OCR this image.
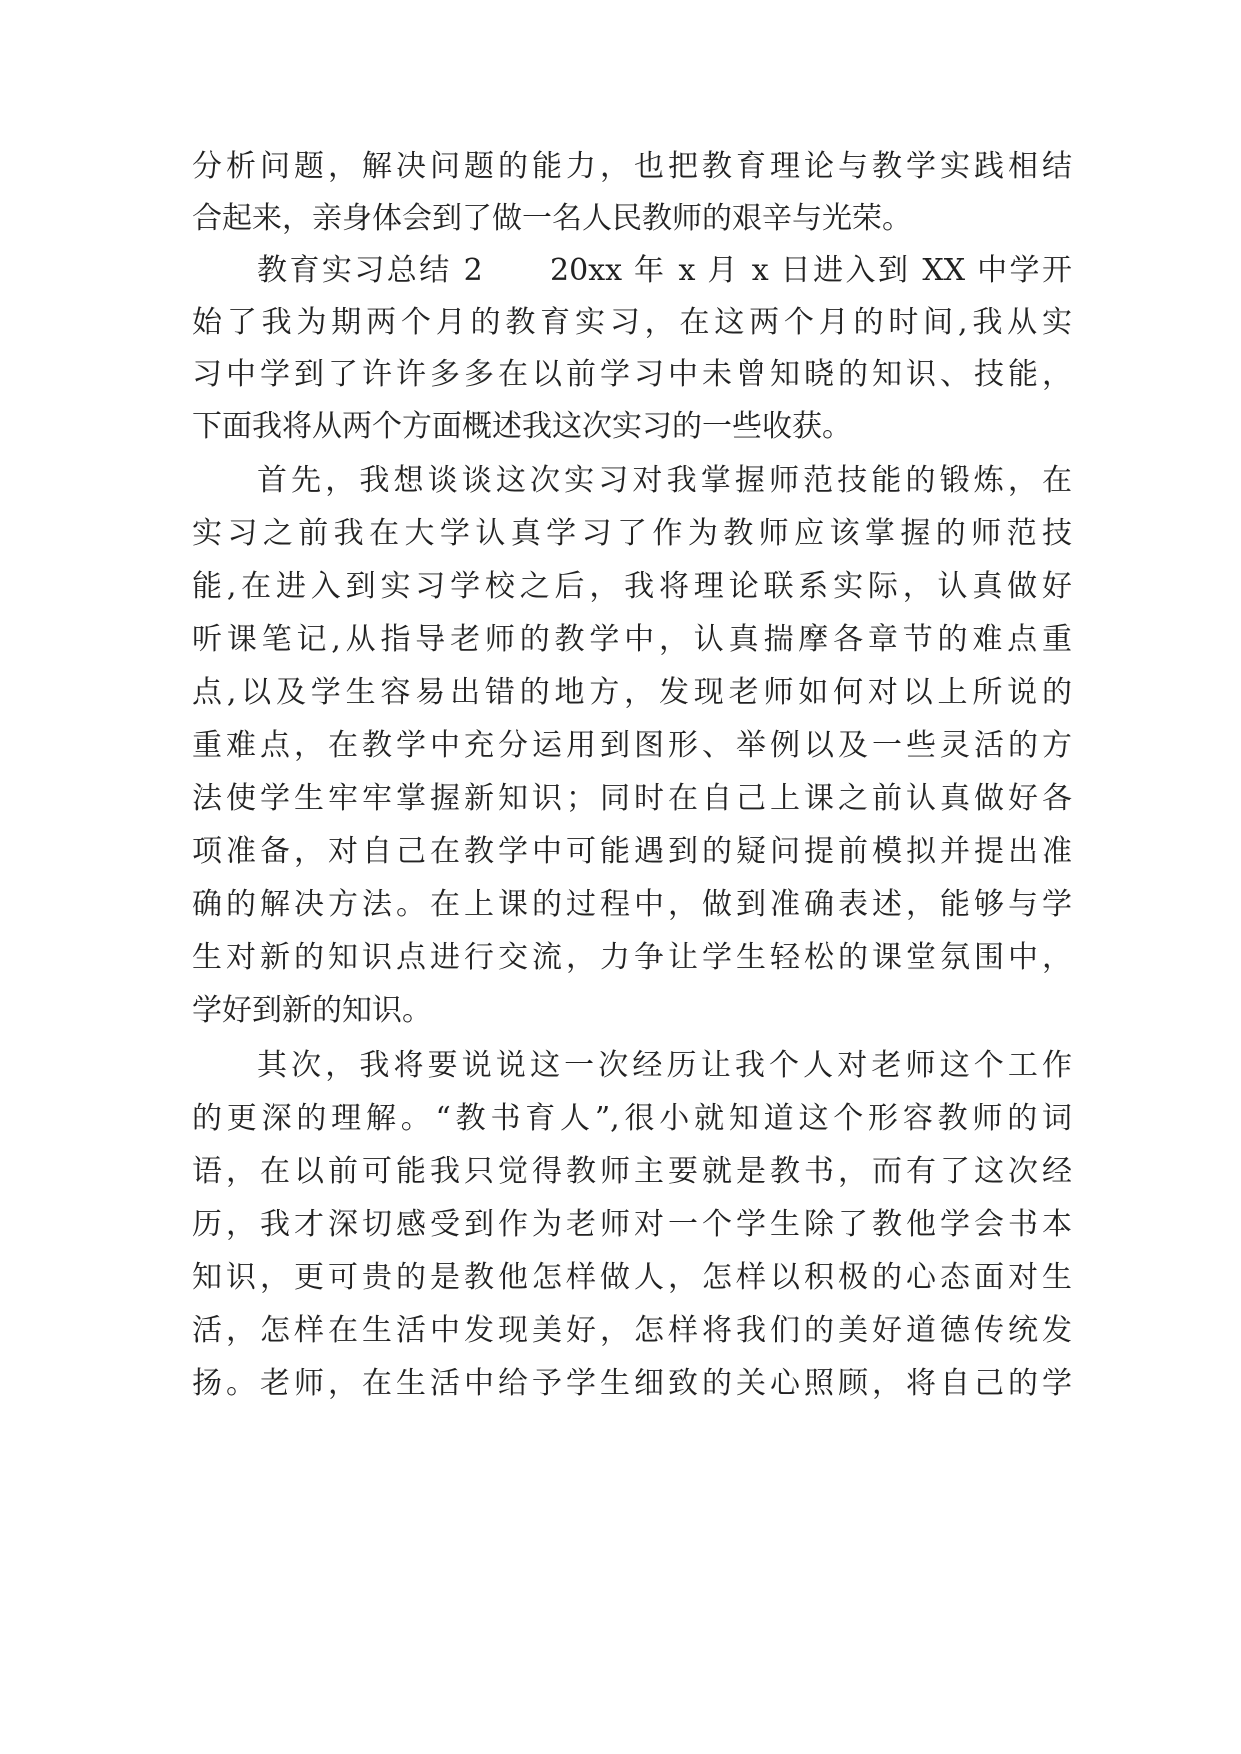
分析问题，解决问题的能力，也把教育理论与教学实践相结
合起来，亲身体会到了做一名人民教师的艰辛与光荣。
教育实习总结 2　　20xx 年 x 月 x 日进入到 XX 中学开
始了我为期两个月的教育实习，在这两个月的时间,我从实
习中学到了许许多多在以前学习中未曾知晓的知识、技能，
下面我将从两个方面概述我这次实习的一些收获。
首先，我想谈谈这次实习对我掌握师范技能的锻炼，在
实习之前我在大学认真学习了作为教师应该掌握的师范技
能,在进入到实习学校之后，我将理论联系实际，认真做好
听课笔记,从指导老师的教学中，认真揣摩各章节的难点重
点,以及学生容易出错的地方，发现老师如何对以上所说的
重难点，在教学中充分运用到图形、举例以及一些灵活的方
法使学生牢牢掌握新知识；同时在自己上课之前认真做好各
项准备，对自己在教学中可能遇到的疑问提前模拟并提出准
确的解决方法。在上课的过程中，做到准确表述，能够与学
生对新的知识点进行交流，力争让学生轻松的课堂氛围中，
学好到新的知识。
其次，我将要说说这一次经历让我个人对老师这个工作
的更深的理解。“教书育人”,很小就知道这个形容教师的词
语，在以前可能我只觉得教师主要就是教书，而有了这次经
历，我才深切感受到作为老师对一个学生除了教他学会书本
知识，更可贵的是教他怎样做人，怎样以积极的心态面对生
活，怎样在生活中发现美好，怎样将我们的美好道德传统发
扬。老师，在生活中给予学生细致的关心照顾，将自己的学
